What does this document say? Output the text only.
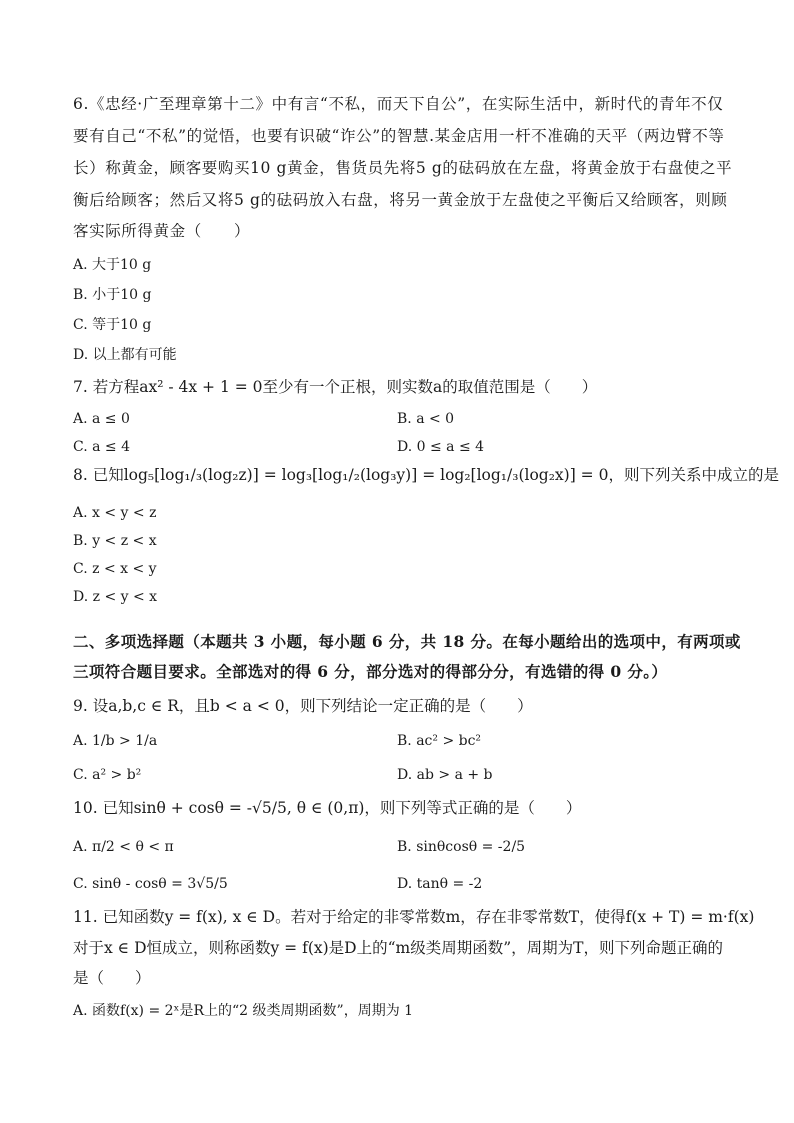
6.《忠经·广至理章第十二》中有言“不私，而天下自公”，在实际生活中，新时代的青年不仅
要有自己“不私”的觉悟，也要有识破“诈公”的智慧.某金店用一杆不准确的天平（两边臂不等
长）称黄金，顾客要购买10 g黄金，售货员先将5 g的砝码放在左盘，将黄金放于右盘使之平
衡后给顾客；然后又将5 g的砝码放入右盘，将另一黄金放于左盘使之平衡后又给顾客，则顾
客实际所得黄金（　　）
A. 大于10 g
B. 小于10 g
C. 等于10 g
D. 以上都有可能
7. 若方程ax² - 4x + 1 = 0至少有一个正根，则实数a的取值范围是（　　）
A. a ≤ 0	B. a < 0
C. a ≤ 4	D. 0 ≤ a ≤ 4
8. 已知log₅[log₁/₃(log₂z)] = log₃[log₁/₂(log₃y)] = log₂[log₁/₃(log₂x)] = 0，则下列关系中成立的是
A. x < y < z
B. y < z < x
C. z < x < y
D. z < y < x
二、多项选择题（本题共 3 小题，每小题 6 分，共 18 分。在每小题给出的选项中，有两项或
三项符合题目要求。全部选对的得 6 分，部分选对的得部分分，有选错的得 0 分。）
9. 设a,b,c ∈ R，且b < a < 0，则下列结论一定正确的是（　　）
A. 1/b > 1/a	B. ac² > bc²
C. a² > b²	D. ab > a + b
10. 已知sinθ + cosθ = -√5/5, θ ∈ (0,π)，则下列等式正确的是（　　）
A. π/2 < θ < π	B. sinθcosθ = -2/5
C. sinθ - cosθ = 3√5/5	D. tanθ = -2
11. 已知函数y = f(x), x ∈ D。若对于给定的非零常数m，存在非零常数T，使得f(x + T) = m·f(x)
对于x ∈ D恒成立，则称函数y = f(x)是D上的“m级类周期函数”，周期为T，则下列命题正确的
是（　　）
A. 函数f(x) = 2ˣ是R上的“2 级类周期函数”，周期为 1
